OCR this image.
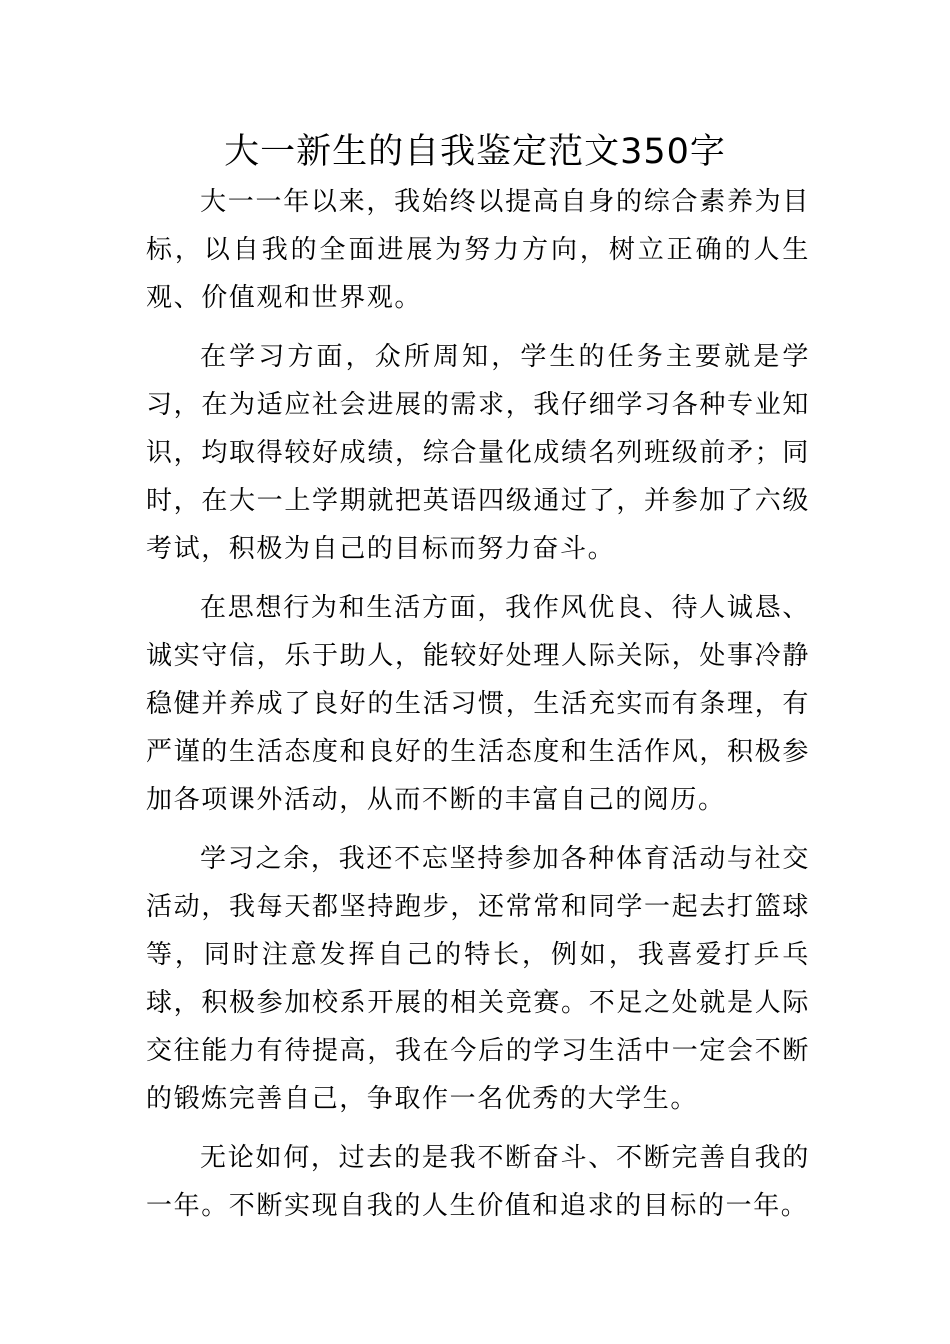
大一新生的自我鉴定范文350字

大一一年以来，我始终以提高自身的综合素养为目标，以自我的全面进展为努力方向，树立正确的人生观、价值观和世界观。

在学习方面，众所周知，学生的任务主要就是学习，在为适应社会进展的需求，我仔细学习各种专业知识，均取得较好成绩，综合量化成绩名列班级前矛；同时，在大一上学期就把英语四级通过了，并参加了六级考试，积极为自己的目标而努力奋斗。

在思想行为和生活方面，我作风优良、待人诚恳、诚实守信，乐于助人，能较好处理人际关际，处事冷静稳健并养成了良好的生活习惯，生活充实而有条理，有严谨的生活态度和良好的生活态度和生活作风，积极参加各项课外活动，从而不断的丰富自己的阅历。

学习之余，我还不忘坚持参加各种体育活动与社交活动，我每天都坚持跑步，还常常和同学一起去打篮球等，同时注意发挥自己的特长，例如，我喜爱打乒乓球，积极参加校系开展的相关竞赛。不足之处就是人际交往能力有待提高，我在今后的学习生活中一定会不断的锻炼完善自己，争取作一名优秀的大学生。

无论如何，过去的是我不断奋斗、不断完善自我的一年。不断实现自我的人生价值和追求的目标的一年。
